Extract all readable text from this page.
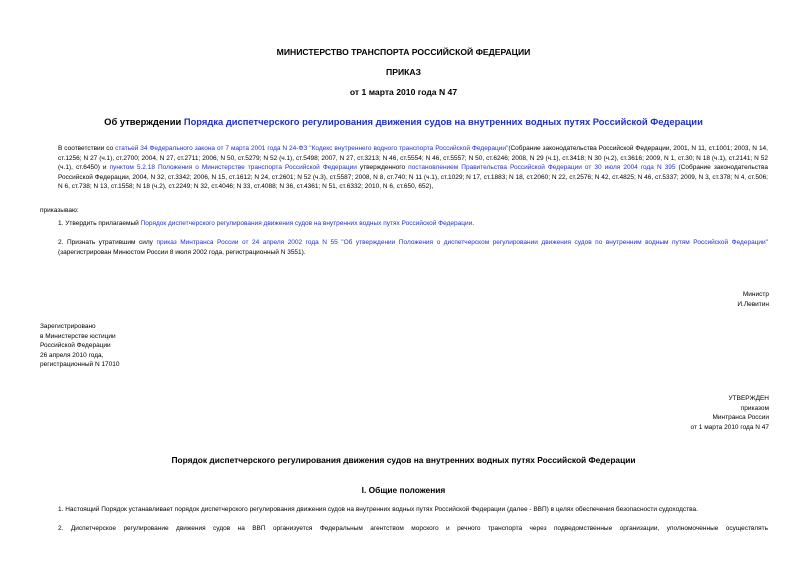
МИНИСТЕРСТВО ТРАНСПОРТА РОССИЙСКОЙ ФЕДЕРАЦИИ
ПРИКАЗ
от 1 марта 2010 года N 47
Об утверждении Порядка диспетчерского регулирования движения судов на внутренних водных путях Российской Федерации
В соответствии со статьей 34 Федерального закона от 7 марта 2001 года N 24-ФЗ "Кодекс внутреннего водного транспорта Российской Федерации"(Собрание законодательства Российской Федерации, 2001, N 11, ст.1001; 2003, N 14, ст.1256; N 27 (ч.1), ст.2700; 2004, N 27, ст.2711; 2006, N 50, ст.5279; N 52 (ч.1), ст.5498; 2007, N 27, ст.3213; N 46, ст.5554; N 46, ст.5557; N 50, ст.6246; 2008, N 29 (ч.1), ст.3418; N 30 (ч.2), ст.3616; 2009, N 1, ст.30; N 18 (ч.1), ст.2141; N 52 (ч.1), ст.6450) и пунктом 5.2.18 Положения о Министерстве транспорта Российской Федерации утвержденного постановлением Правительства Российской Федерации от 30 июля 2004 года N 395 (Собрание законодательства Российской Федерации, 2004, N 32, ст.3342; 2006, N 15, ст.1612; N 24, ст.2601; N 52 (ч.3), ст.5587; 2008, N 8, ст.740; N 11 (ч.1), ст.1029; N 17, ст.1883; N 18, ст.2060; N 22, ст.2576; N 42, ст.4825; N 46, ст.5337; 2009, N 3, ст.378; N 4, ст.506; N 6, ст.738; N 13, ст.1558; N 18 (ч.2), ст.2249; N 32, ст.4046; N 33, ст.4088; N 36, ст.4361; N 51, ст.6332; 2010, N 6, ст.650, 652),
приказываю:
1. Утвердить прилагаемый Порядок диспетчерского регулирования движения судов на внутренних водных путях Российской Федерации.
2. Признать утратившим силу приказ Минтранса России от 24 апреля 2002 года N 55 "Об утверждении Положения о диспетчерском регулировании движения судов по внутренним водным путям Российской Федерации" (зарегистрирован Минюстом России 8 июля 2002 года, регистрационный N 3551).
Министр
И.Левитин
Зарегистрировано
в Министерстве юстиции
Российской Федерации
26 апреля 2010 года,
регистрационный N 17010
УТВЕРЖДЕН
приказом
Минтранса России
от 1 марта 2010 года N 47
Порядок диспетчерского регулирования движения судов на внутренних водных путях Российской Федерации
I. Общие положения
1. Настоящий Порядок устанавливает порядок диспетчерского регулирования движения судов на внутренних водных путях Российской Федерации (далее - ВВП) в целях обеспечения безопасности судоходства.
2. Диспетчерское регулирование движения судов на ВВП организуется Федеральным агентством морского и речного транспорта через подведомственные организации, уполномоченные осуществлять
